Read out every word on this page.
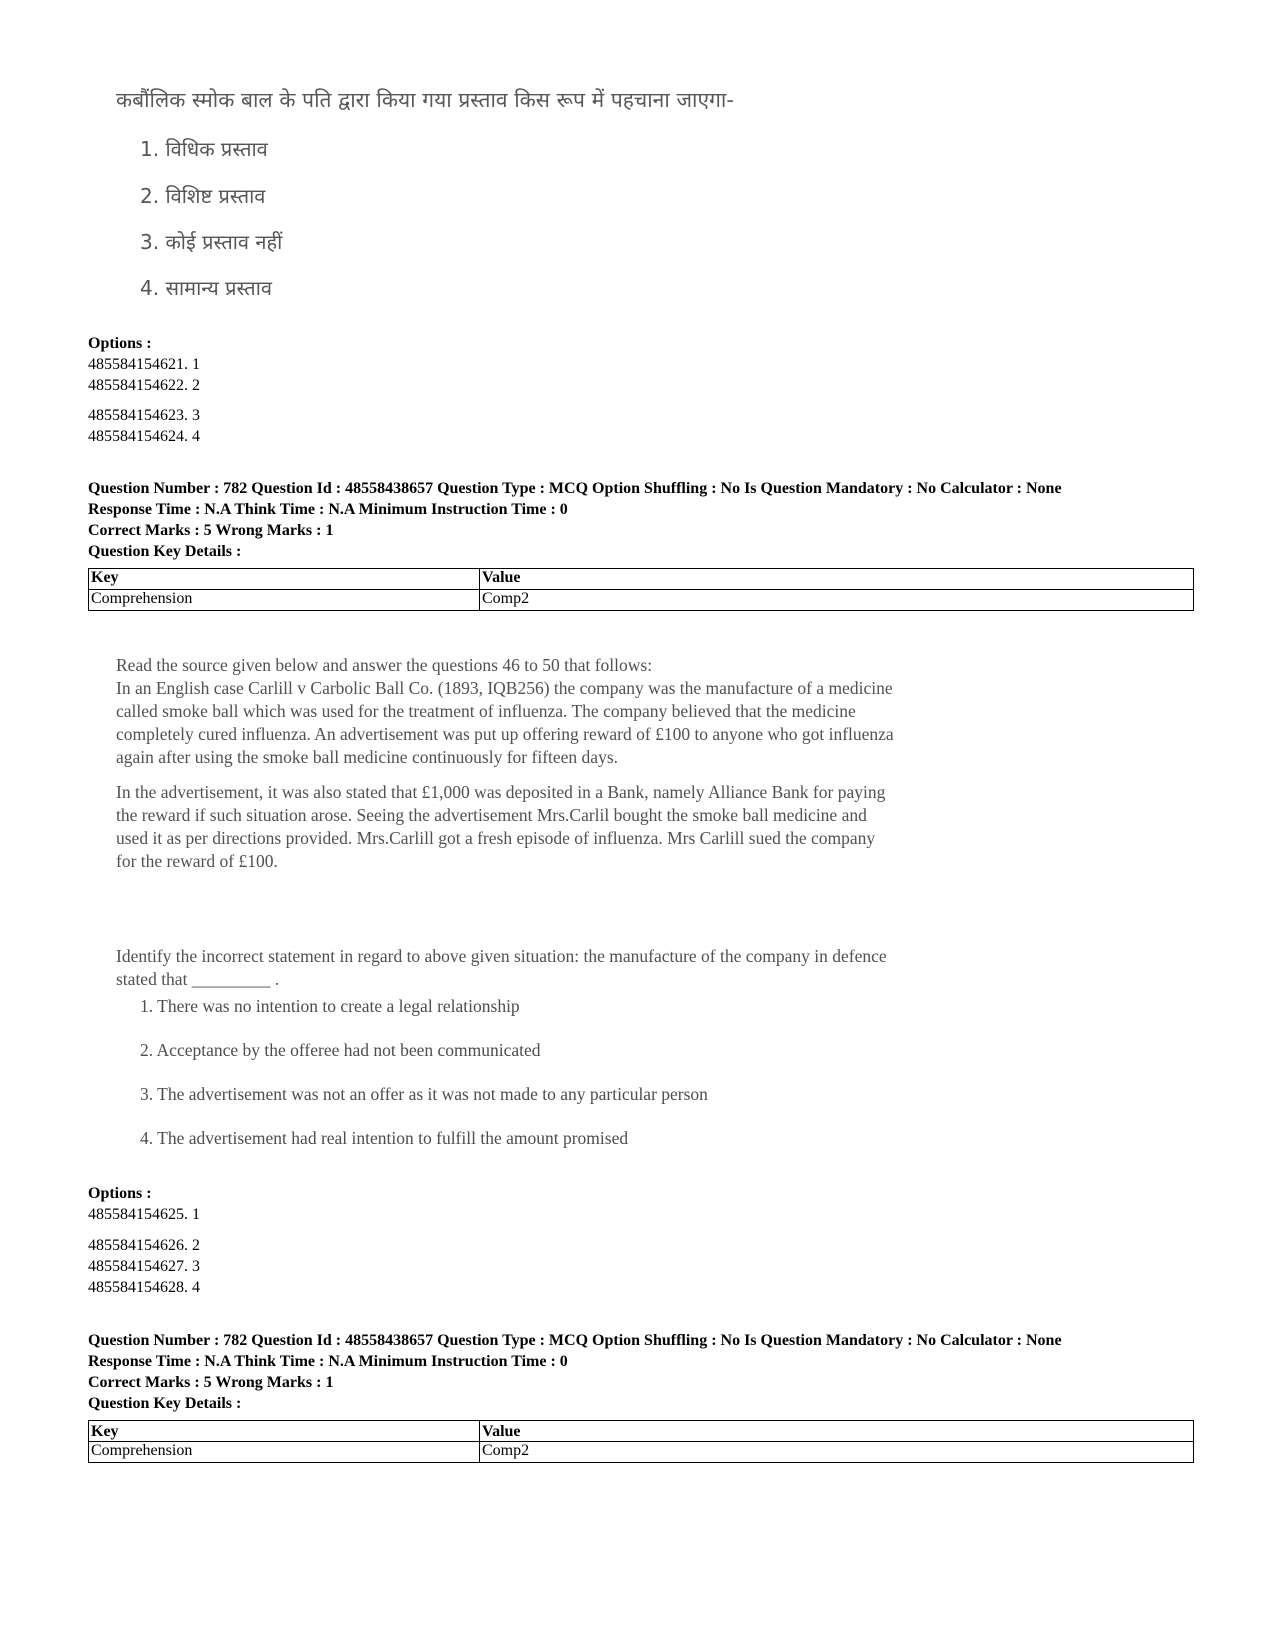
कबौंलिक स्मोक बाल के पति द्वारा किया गया प्रस्ताव किस रूप में पहचाना जाएगा-
1. विधिक प्रस्ताव
2. विशिष्ट प्रस्ताव
3. कोई प्रस्ताव नहीं
4. सामान्य प्रस्ताव
Options :
485584154621. 1
485584154622. 2
485584154623. 3
485584154624. 4
Question Number : 782 Question Id : 48558438657 Question Type : MCQ Option Shuffling : No Is Question Mandatory : No Calculator : None
Response Time : N.A Think Time : N.A Minimum Instruction Time : 0
Correct Marks : 5 Wrong Marks : 1
Question Key Details :
Key	Value
Comprehension	Comp2
Read the source given below and answer the questions 46 to 50 that follows:
In an English case Carlill v Carbolic Ball Co. (1893, IQB256) the company was the manufacture of a medicine
called smoke ball which was used for the treatment of influenza. The company believed that the medicine
completely cured influenza. An advertisement was put up offering reward of £100 to anyone who got influenza
again after using the smoke ball medicine continuously for fifteen days.
In the advertisement, it was also stated that £1,000 was deposited in a Bank, namely Alliance Bank for paying
the reward if such situation arose. Seeing the advertisement Mrs.Carlil bought the smoke ball medicine and
used it as per directions provided. Mrs.Carlill got a fresh episode of influenza. Mrs Carlill sued the company
for the reward of £100.
Identify the incorrect statement in regard to above given situation: the manufacture of the company in defence
stated that _________ .
1. There was no intention to create a legal relationship
2. Acceptance by the offeree had not been communicated
3. The advertisement was not an offer as it was not made to any particular person
4. The advertisement had real intention to fulfill the amount promised
Options :
485584154625. 1
485584154626. 2
485584154627. 3
485584154628. 4
Question Number : 782 Question Id : 48558438657 Question Type : MCQ Option Shuffling : No Is Question Mandatory : No Calculator : None
Response Time : N.A Think Time : N.A Minimum Instruction Time : 0
Correct Marks : 5 Wrong Marks : 1
Question Key Details :
Key	Value
Comprehension	Comp2
